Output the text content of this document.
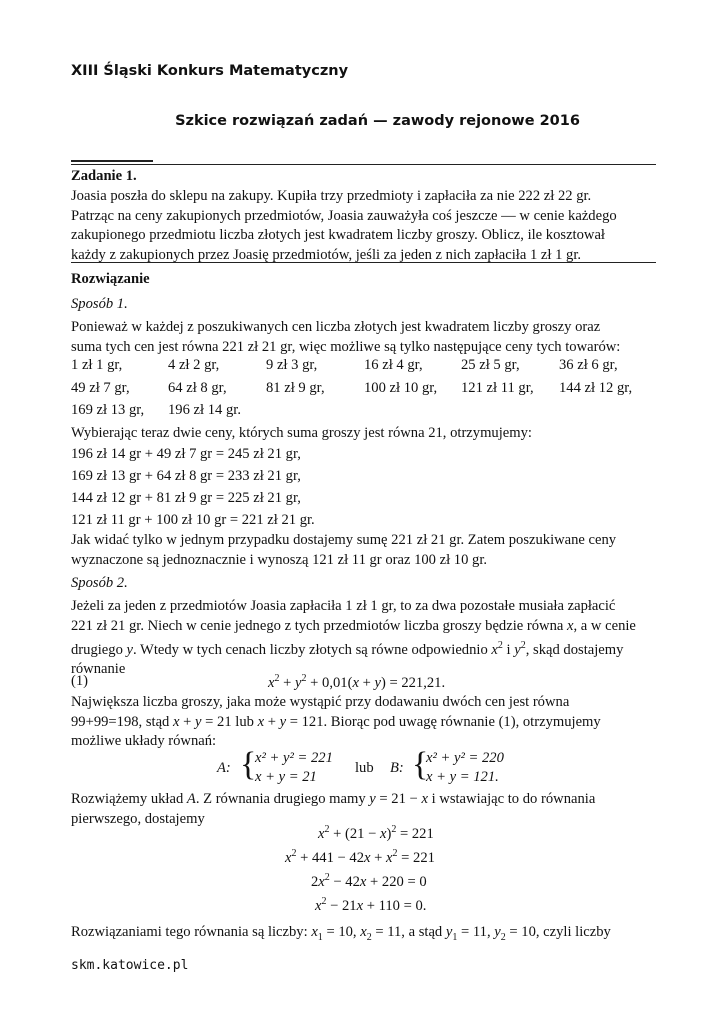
XIII Śląski Konkurs Matematyczny
Szkice rozwiązań zadań — zawody rejonowe 2016
Zadanie 1.
Joasia poszła do sklepu na zakupy. Kupiła trzy przedmioty i zapłaciła za nie 222 zł 22 gr.
Patrząc na ceny zakupionych przedmiotów, Joasia zauważyła coś jeszcze — w cenie każdego
zakupionego przedmiotu liczba złotych jest kwadratem liczby groszy. Oblicz, ile kosztował
każdy z zakupionych przez Joasię przedmiotów, jeśli za jeden z nich zapłaciła 1 zł 1 gr.
Rozwiązanie
Sposób 1.
Ponieważ w każdej z poszukiwanych cen liczba złotych jest kwadratem liczby groszy oraz
suma tych cen jest równa 221 zł 21 gr, więc możliwe są tylko następujące ceny tych towarów:
1 zł 1 gr,	4 zł 2 gr,	9 zł 3 gr,	16 zł 4 gr,	25 zł 5 gr,	36 zł 6 gr,
49 zł 7 gr,	64 zł 8 gr,	81 zł 9 gr,	100 zł 10 gr, 121 zł 11 gr, 144 zł 12 gr,
169 zł 13 gr, 196 zł 14 gr.
Wybierając teraz dwie ceny, których suma groszy jest równa 21, otrzymujemy:
196 zł 14 gr + 49 zł 7 gr = 245 zł 21 gr,
169 zł 13 gr + 64 zł 8 gr = 233 zł 21 gr,
144 zł 12 gr + 81 zł 9 gr = 225 zł 21 gr,
121 zł 11 gr + 100 zł 10 gr = 221 zł 21 gr.
Jak widać tylko w jednym przypadku dostajemy sumę 221 zł 21 gr. Zatem poszukiwane ceny
wyznaczone są jednoznacznie i wynoszą 121 zł 11 gr oraz 100 zł 10 gr.
Sposób 2.
Jeżeli za jeden z przedmiotów Joasia zapłaciła 1 zł 1 gr, to za dwa pozostałe musiała zapłacić
221 zł 21 gr. Niech w cenie jednego z tych przedmiotów liczba groszy będzie równa x, a w cenie
drugiego y. Wtedy w tych cenach liczby złotych są równe odpowiednio $x^2$ i $y^2$, skąd dostajemy
równanie
(1)	$x^2 + y^2 + 0,01(x + y) = 221,21$.
Największa liczba groszy, jaka może wystąpić przy dodawaniu dwóch cen jest równa
99+99=198, stąd x + y = 21 lub x + y = 121. Biorąc pod uwagę równanie (1), otrzymujemy
możliwe układy równań:
A: {
x² + y² = 221
x + y = 21
lub B: {
x² + y² = 220
x + y = 121.
Rozwiążemy układ A. Z równania drugiego mamy y = 21 − x i wstawiając to do równania
pierwszego, dostajemy
$x^2 + (21 - x)^2 = 221$
$x^2 + 441 - 42x + x^2 = 221$
$2x^2 - 42x + 220 = 0$
$x^2 - 21x + 110 = 0$.
Rozwiązaniami tego równania są liczby: $x_1 = 10$, $x_2 = 11$, a stąd $y_1 = 11$, $y_2 = 10$, czyli liczby
skm.katowice.pl
